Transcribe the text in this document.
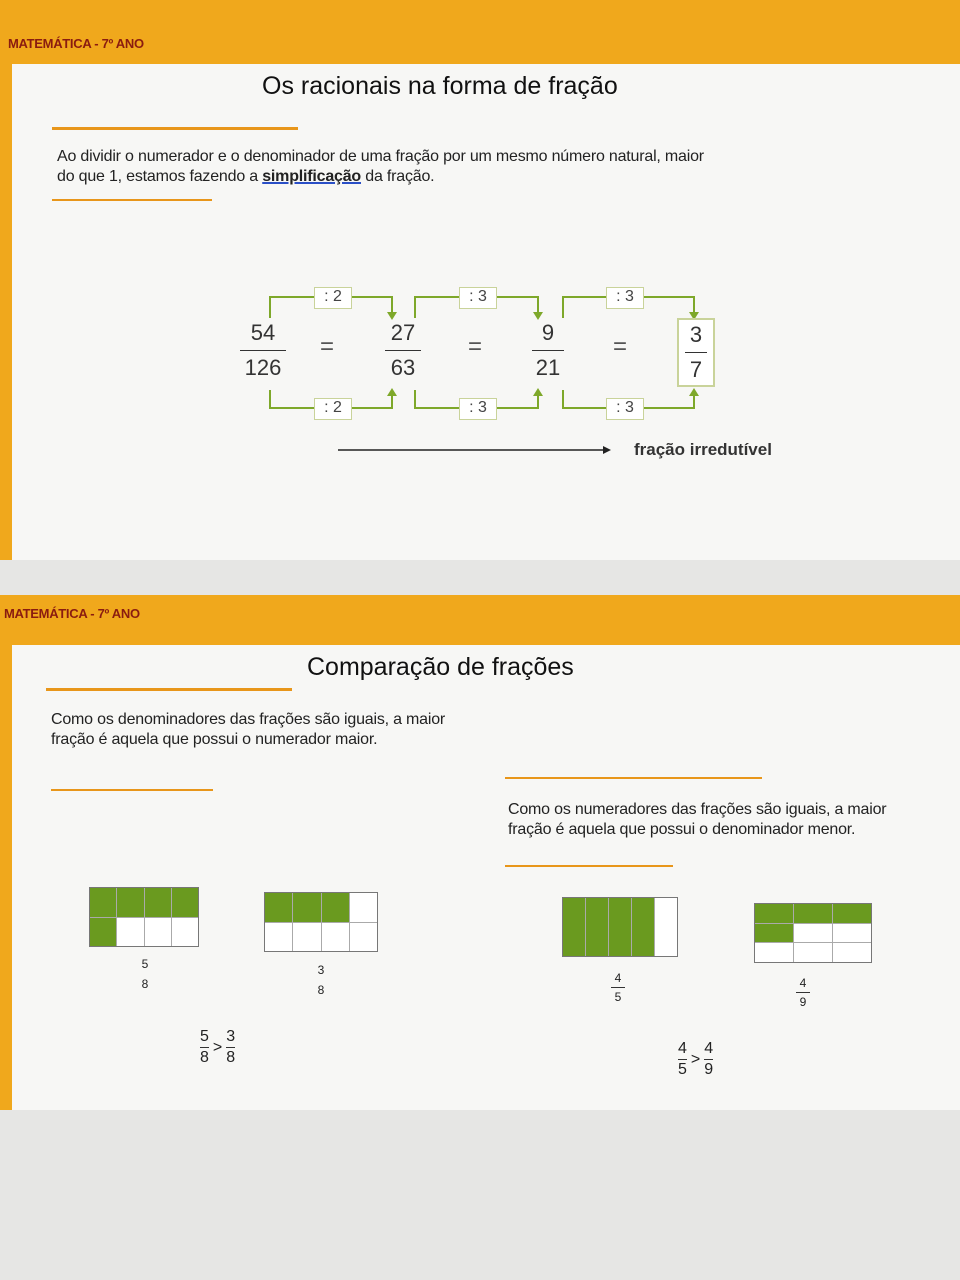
MATEMÁTICA - 7º ANO
Os racionais na forma de fração
Ao dividir o numerador e o denominador de uma fração por um mesmo número natural, maior do que 1, estamos fazendo a simplificação da fração.
: 2	: 3	: 3
: 2	: 3	: 3
54
126
=
27
63
=
9
21
=	3
7
fração irredutível
MATEMÁTICA - 7º ANO
Comparação de frações
Como os denominadores das frações são iguais, a maior fração é aquela que possui o numerador maior.
Como os numeradores das frações são iguais, a maior fração é aquela que possui o denominador menor.
5
8
3
8
4
5
4
9
$\frac{5}{8} > \frac{3}{8}$	$\frac{4}{5} > \frac{4}{9}$
